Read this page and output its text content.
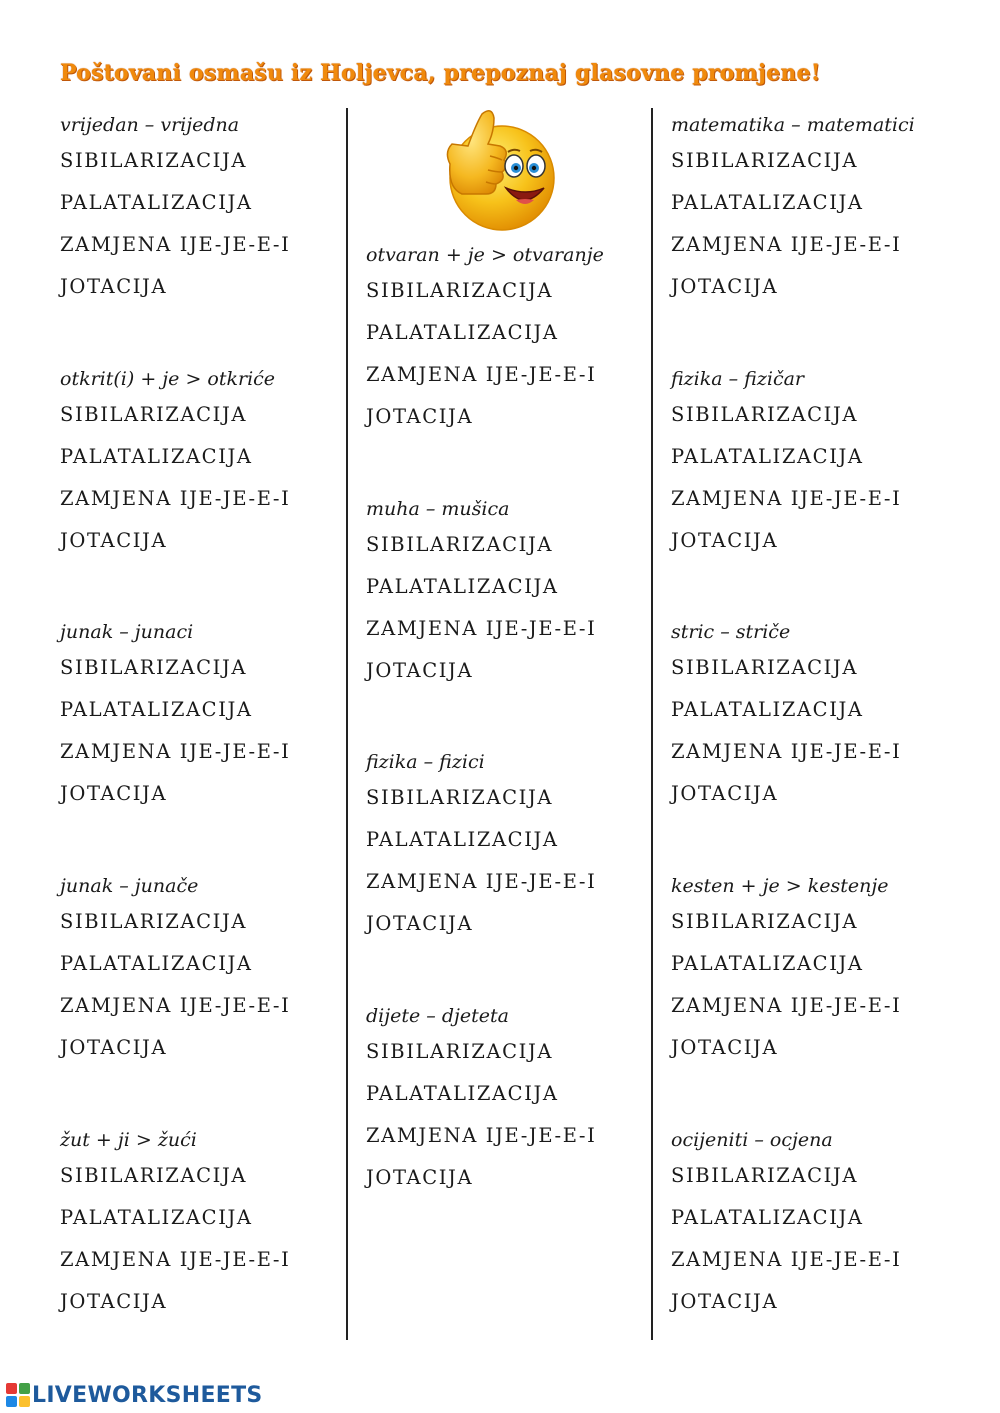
Poštovani osmašu iz Holjevca, prepoznaj glasovne promjene!
vrijedan – vrijedna
SIBILARIZACIJA
PALATALIZACIJA
ZAMJENA IJE-JE-E-I
JOTACIJA
otkrit(i) + je > otkriće
SIBILARIZACIJA
PALATALIZACIJA
ZAMJENA IJE-JE-E-I
JOTACIJA
junak – junaci
SIBILARIZACIJA
PALATALIZACIJA
ZAMJENA IJE-JE-E-I
JOTACIJA
junak – junače
SIBILARIZACIJA
PALATALIZACIJA
ZAMJENA IJE-JE-E-I
JOTACIJA
žut + ji > žući
SIBILARIZACIJA
PALATALIZACIJA
ZAMJENA IJE-JE-E-I
JOTACIJA
otvaran + je > otvaranje
SIBILARIZACIJA
PALATALIZACIJA
ZAMJENA IJE-JE-E-I
JOTACIJA
muha – mušica
SIBILARIZACIJA
PALATALIZACIJA
ZAMJENA IJE-JE-E-I
JOTACIJA
fizika – fizici
SIBILARIZACIJA
PALATALIZACIJA
ZAMJENA IJE-JE-E-I
JOTACIJA
dijete – djeteta
SIBILARIZACIJA
PALATALIZACIJA
ZAMJENA IJE-JE-E-I
JOTACIJA
matematika – matematici
SIBILARIZACIJA
PALATALIZACIJA
ZAMJENA IJE-JE-E-I
JOTACIJA
fizika – fizičar
SIBILARIZACIJA
PALATALIZACIJA
ZAMJENA IJE-JE-E-I
JOTACIJA
stric – striče
SIBILARIZACIJA
PALATALIZACIJA
ZAMJENA IJE-JE-E-I
JOTACIJA
kesten + je > kestenje
SIBILARIZACIJA
PALATALIZACIJA
ZAMJENA IJE-JE-E-I
JOTACIJA
ocijeniti – ocjena
SIBILARIZACIJA
PALATALIZACIJA
ZAMJENA IJE-JE-E-I
JOTACIJA
LIVEWORKSHEETS
